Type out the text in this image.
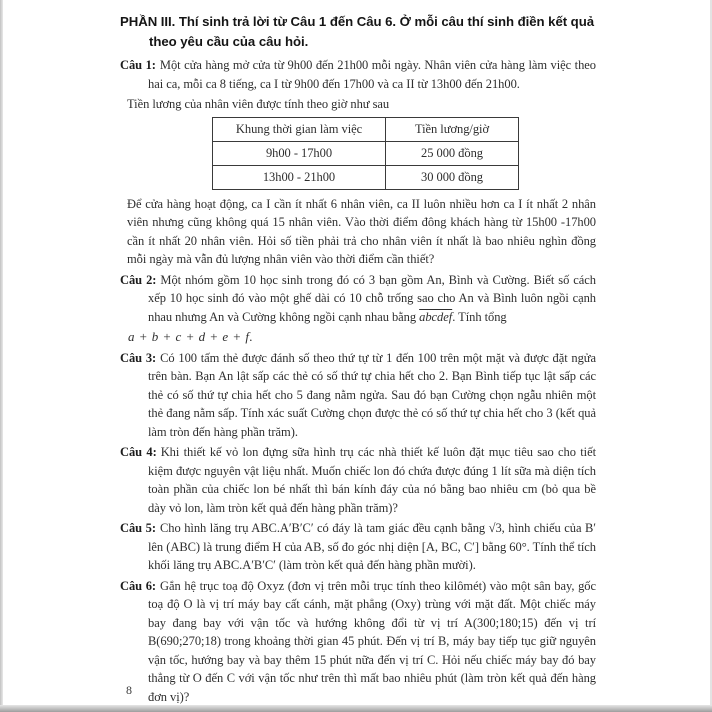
PHẦN III. Thí sinh trả lời từ Câu 1 đến Câu 6. Ở mỗi câu thí sinh điền kết quả
theo yêu cầu của câu hỏi.

Câu 1: Một cửa hàng mở cửa từ 9h00 đến 21h00 mỗi ngày. Nhân viên cửa hàng làm việc theo hai ca, mỗi ca 8 tiếng, ca I từ 9h00 đến 17h00 và ca II từ 13h00 đến 21h00.

Tiền lương của nhân viên được tính theo giờ như sau

Khung thời gian làm việc	Tiền lương/giờ
9h00 - 17h00	25 000 đồng
13h00 - 21h00	30 000 đồng

Để cửa hàng hoạt động, ca I cần ít nhất 6 nhân viên, ca II luôn nhiều hơn ca I ít nhất 2 nhân viên nhưng cũng không quá 15 nhân viên. Vào thời điểm đông khách hàng từ 15h00 -17h00 cần ít nhất 20 nhân viên. Hỏi số tiền phải trả cho nhân viên ít nhất là bao nhiêu nghìn đồng mỗi ngày mà vẫn đủ lượng nhân viên vào thời điểm cần thiết?

Câu 2: Một nhóm gồm 10 học sinh trong đó có 3 bạn gồm An, Bình và Cường. Biết số cách xếp 10 học sinh đó vào một ghế dài có 10 chỗ trống sao cho An và Bình luôn ngồi cạnh nhau nhưng An và Cường không ngồi cạnh nhau bằng abcdef. Tính tổng

a + b + c + d + e + f.

Câu 3: Có 100 tấm thẻ được đánh số theo thứ tự từ 1 đến 100 trên một mặt và được đặt ngửa trên bàn. Bạn An lật sấp các thẻ có số thứ tự chia hết cho 2. Bạn Bình tiếp tục lật sấp các thẻ có số thứ tự chia hết cho 5 đang nằm ngửa. Sau đó bạn Cường chọn ngẫu nhiên một thẻ đang nằm sấp. Tính xác suất Cường chọn được thẻ có số thứ tự chia hết cho 3 (kết quả làm tròn đến hàng phần trăm).

Câu 4: Khi thiết kế vỏ lon đựng sữa hình trụ các nhà thiết kế luôn đặt mục tiêu sao cho tiết kiệm được nguyên vật liệu nhất. Muốn chiếc lon đó chứa được đúng 1 lít sữa mà diện tích toàn phần của chiếc lon bé nhất thì bán kính đáy của nó bằng bao nhiêu cm (bỏ qua bề dày vỏ lon, làm tròn kết quả đến hàng phần trăm)?

Câu 5: Cho hình lăng trụ ABC.A′B′C′ có đáy là tam giác đều cạnh bằng √3, hình chiếu của B′ lên (ABC) là trung điểm H của AB, số đo góc nhị diện [A, BC, C′] bằng 60°. Tính thể tích khối lăng trụ ABC.A′B′C′ (làm tròn kết quả đến hàng phần mười).

Câu 6: Gắn hệ trục toạ độ Oxyz (đơn vị trên mỗi trục tính theo kilômét) vào một sân bay, gốc toạ độ O là vị trí máy bay cất cánh, mặt phẳng (Oxy) trùng với mặt đất. Một chiếc máy bay đang bay với vận tốc và hướng không đổi từ vị trí A(300;180;15) đến vị trí B(690;270;18) trong khoảng thời gian 45 phút. Đến vị trí B, máy bay tiếp tục giữ nguyên vận tốc, hướng bay và bay thêm 15 phút nữa đến vị trí C. Hỏi nếu chiếc máy bay đó bay thẳng từ O đến C với vận tốc như trên thì mất bao nhiêu phút (làm tròn kết quả đến hàng đơn vị)?

8
